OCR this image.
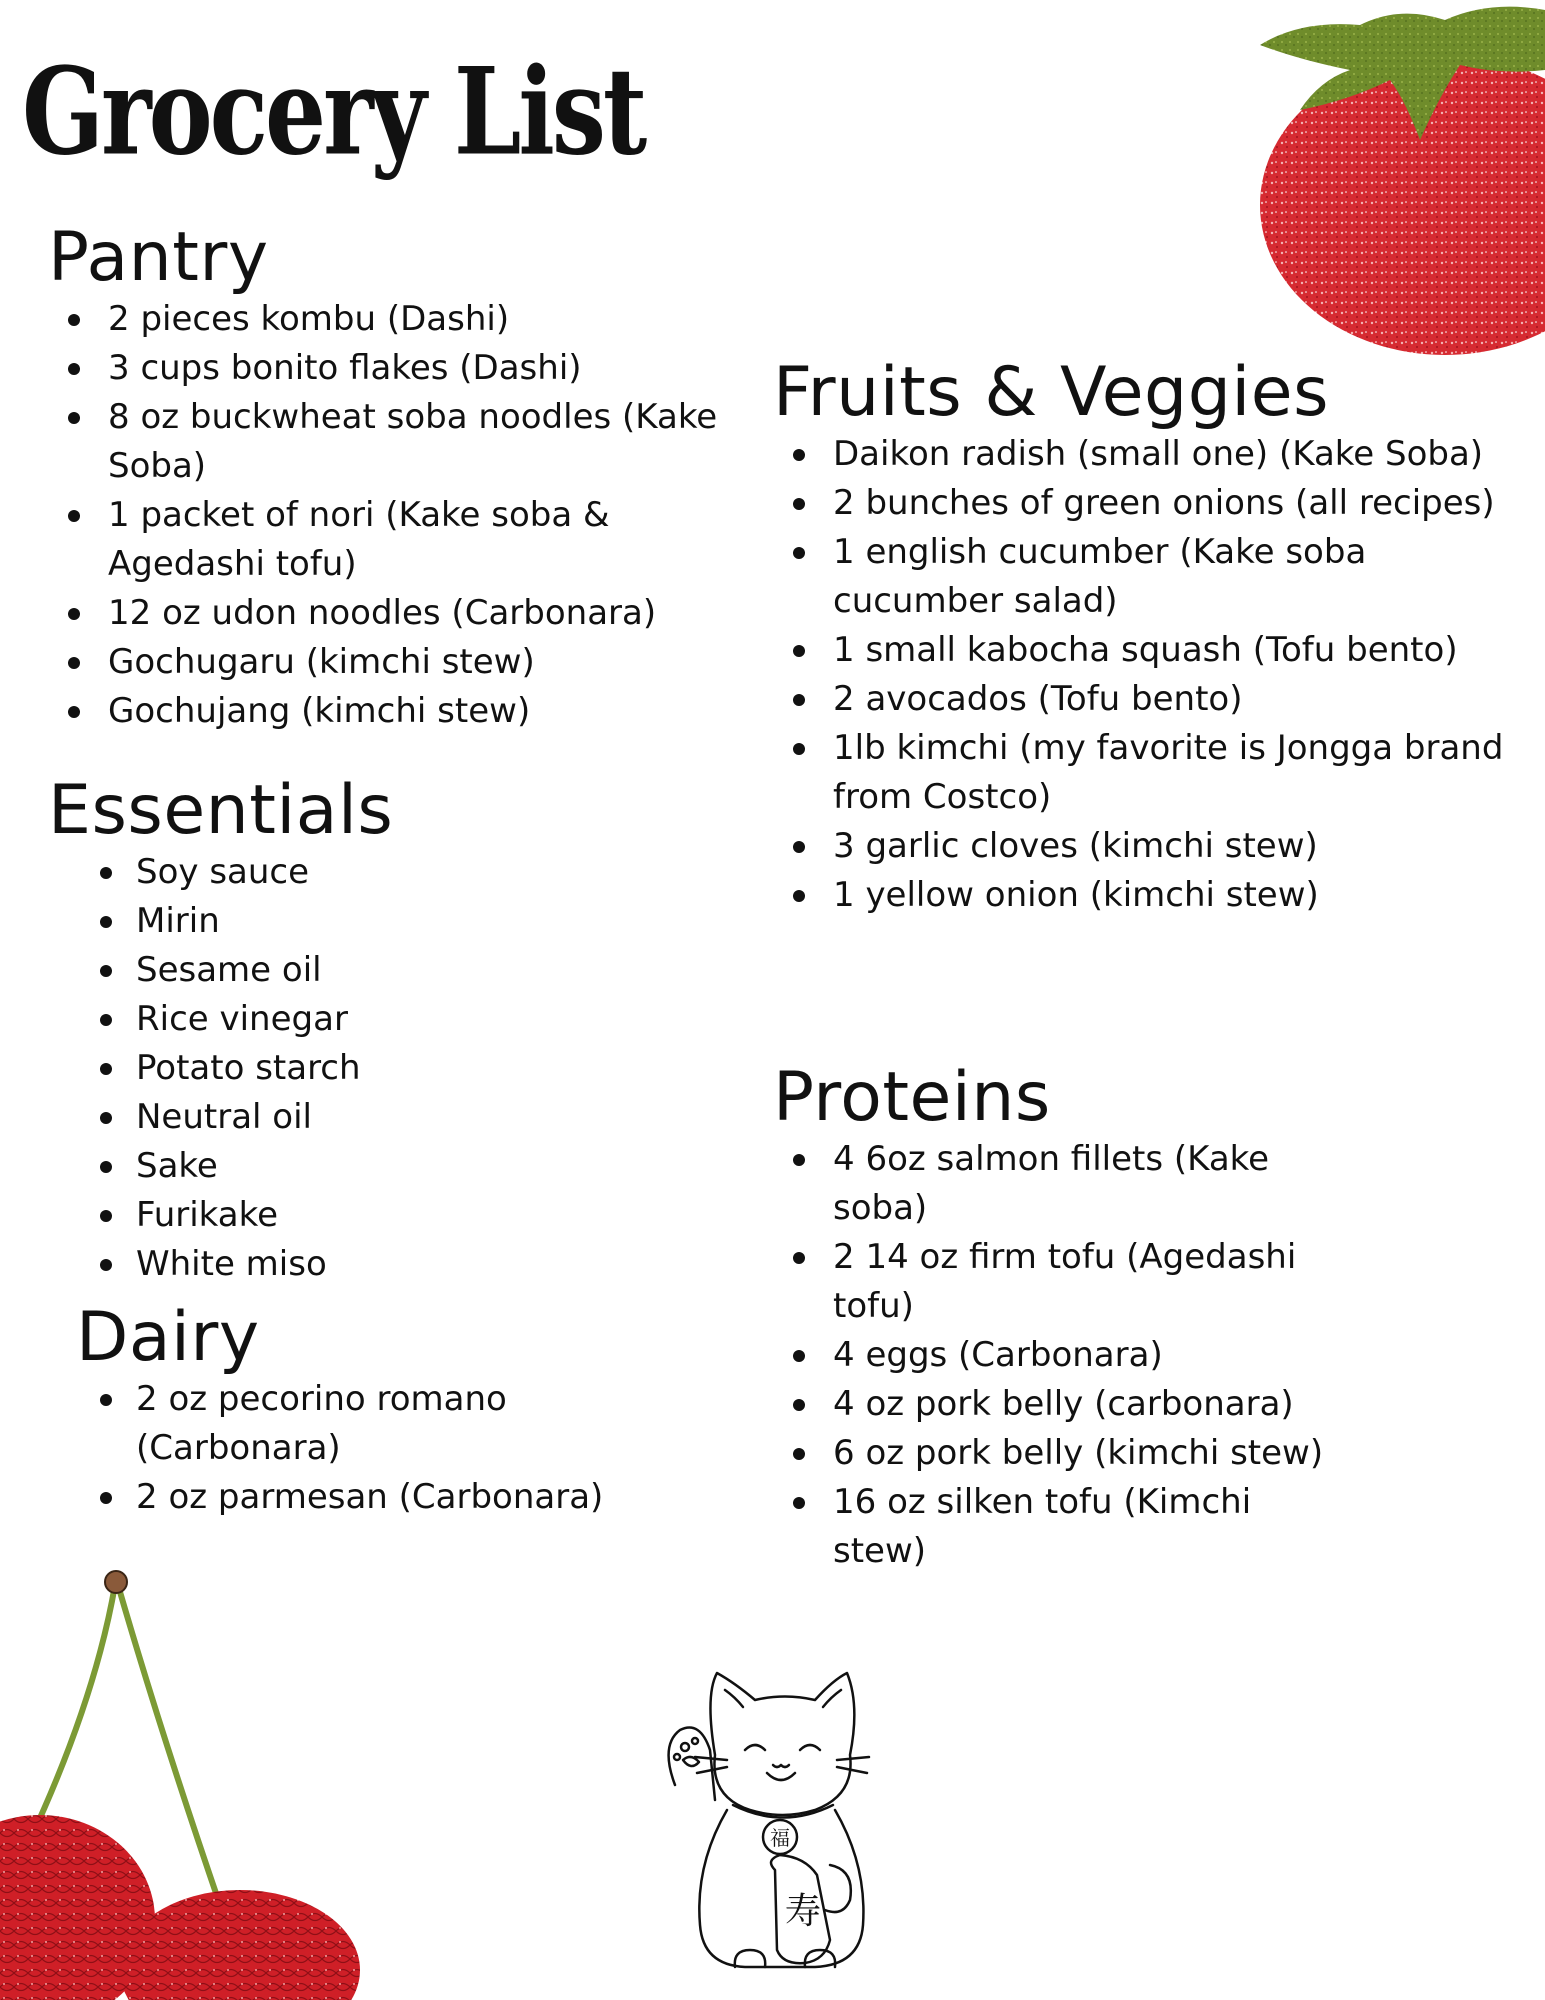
Grocery List
Pantry
2 pieces kombu (Dashi)
3 cups bonito flakes (Dashi)
8 oz buckwheat soba noodles (Kake Soba)
1 packet of nori (Kake soba & Agedashi tofu)
12 oz udon noodles (Carbonara)
Gochugaru (kimchi stew)
Gochujang (kimchi stew)
Essentials
Soy sauce
Mirin
Sesame oil
Rice vinegar
Potato starch
Neutral oil
Sake
Furikake
White miso
Dairy
2 oz pecorino romano (Carbonara)
2 oz parmesan (Carbonara)
Fruits & Veggies
Daikon radish (small one) (Kake Soba)
2 bunches of green onions (all recipes)
1 english cucumber (Kake soba cucumber salad)
1 small kabocha squash (Tofu bento)
2 avocados (Tofu bento)
1lb kimchi (my favorite is Jongga brand from Costco)
3 garlic cloves (kimchi stew)
1 yellow onion (kimchi stew)
Proteins
4 6oz salmon fillets (Kake soba)
2 14 oz firm tofu (Agedashi tofu)
4 eggs (Carbonara)
4 oz pork belly (carbonara)
6 oz pork belly (kimchi stew)
16 oz silken tofu (Kimchi stew)
福
寿
